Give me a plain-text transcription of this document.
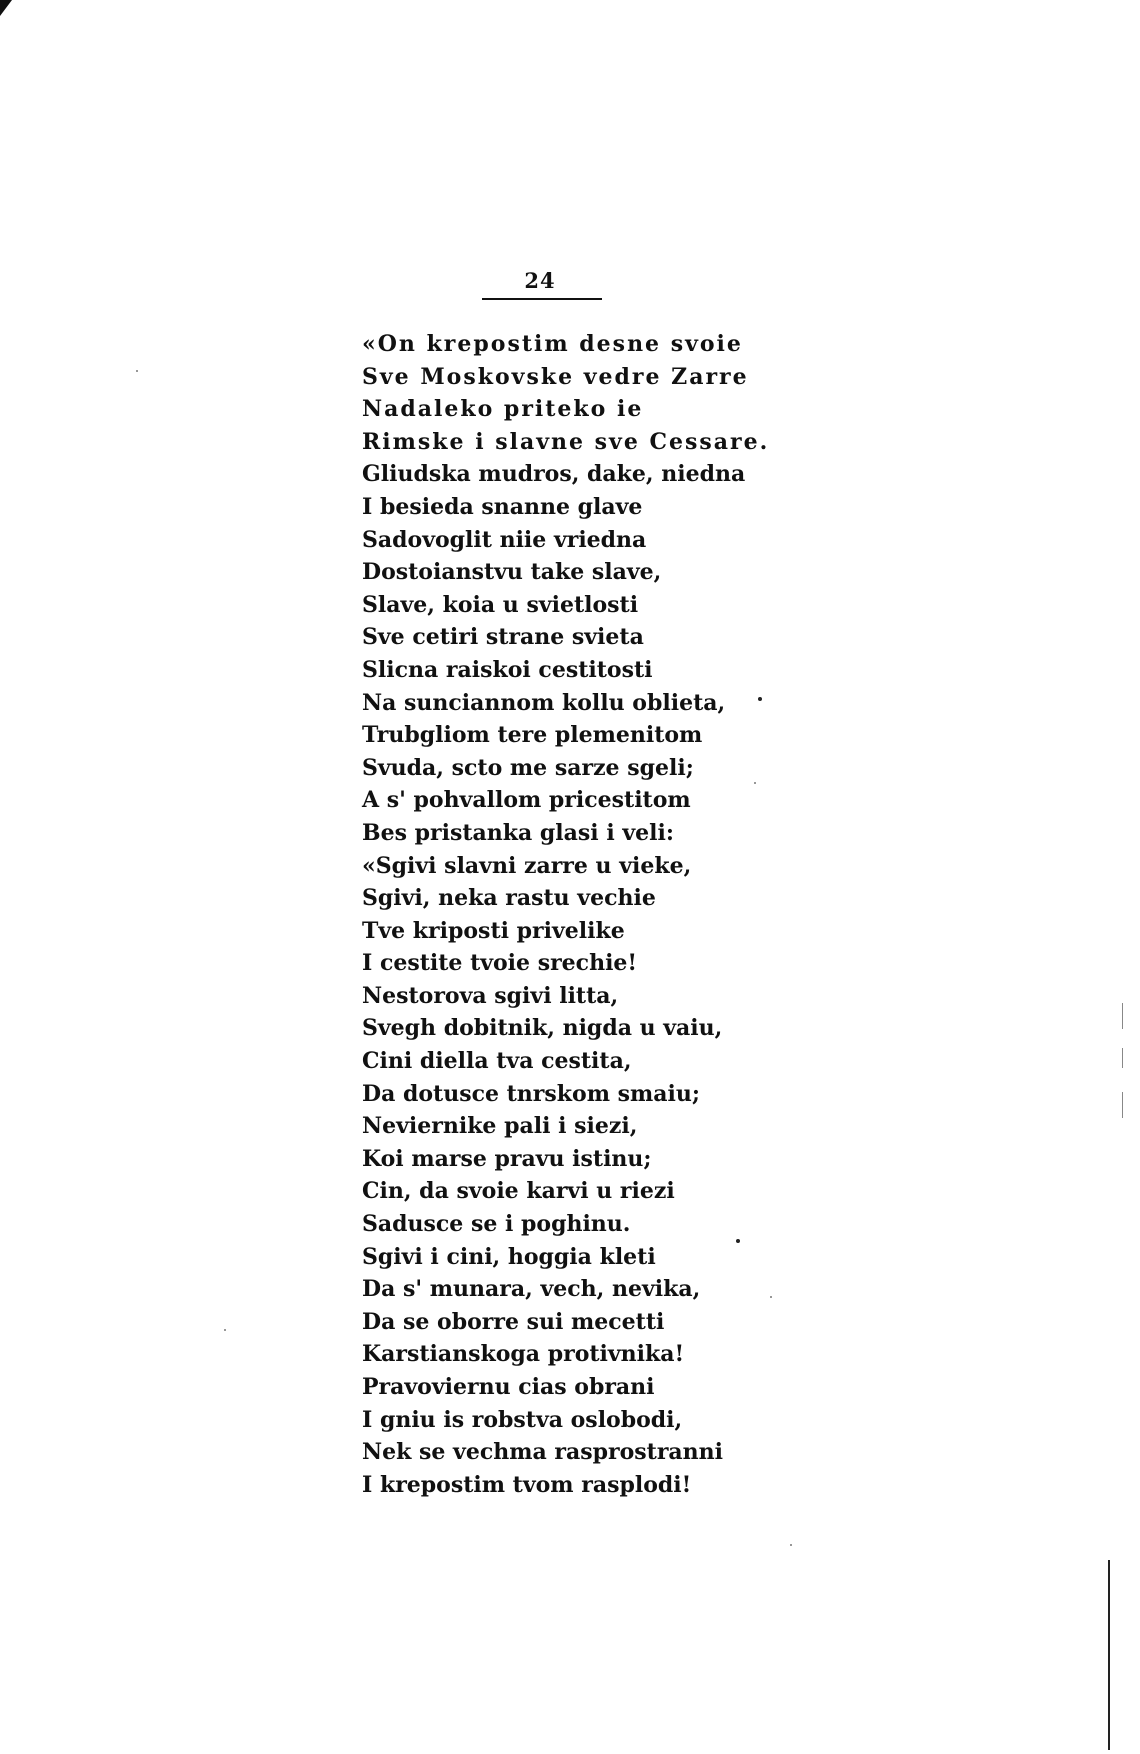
24
«On krepostim desne svoie
Sve Moskovske vedre Zarre
Nadaleko priteko ie
Rimske i slavne sve Cessare.
Gliudska mudros, dake, niedna
I besieda snanne glave
Sadovoglit niie vriedna
Dostoianstvu take slave,
Slave, koia u svietlosti
Sve cetiri strane svieta
Slicna raiskoi cestitosti
Na sunciannom kollu oblieta,
Trubgliom tere plemenitom
Svuda, scto me sarze sgeli;
A s' pohvallom pricestitom
Bes pristanka glasi i veli:
«Sgivi slavni zarre u vieke,
Sgivi, neka rastu vechie
Tve kriposti privelike
I cestite tvoie srechie!
Nestorova sgivi litta,
Svegh dobitnik, nigda u vaiu,
Cini diella tva cestita,
Da dotusce tnrskom smaiu;
Neviernike pali i siezi,
Koi marse pravu istinu;
Cin, da svoie karvi u riezi
Sadusce se i poghinu.
Sgivi i cini, hoggia kleti
Da s' munara, vech, nevika,
Da se oborre sui mecetti
Karstianskoga protivnika!
Pravoviernu cias obrani
I gniu is robstva oslobodi,
Nek se vechma rasprostranni
I krepostim tvom rasplodi!
